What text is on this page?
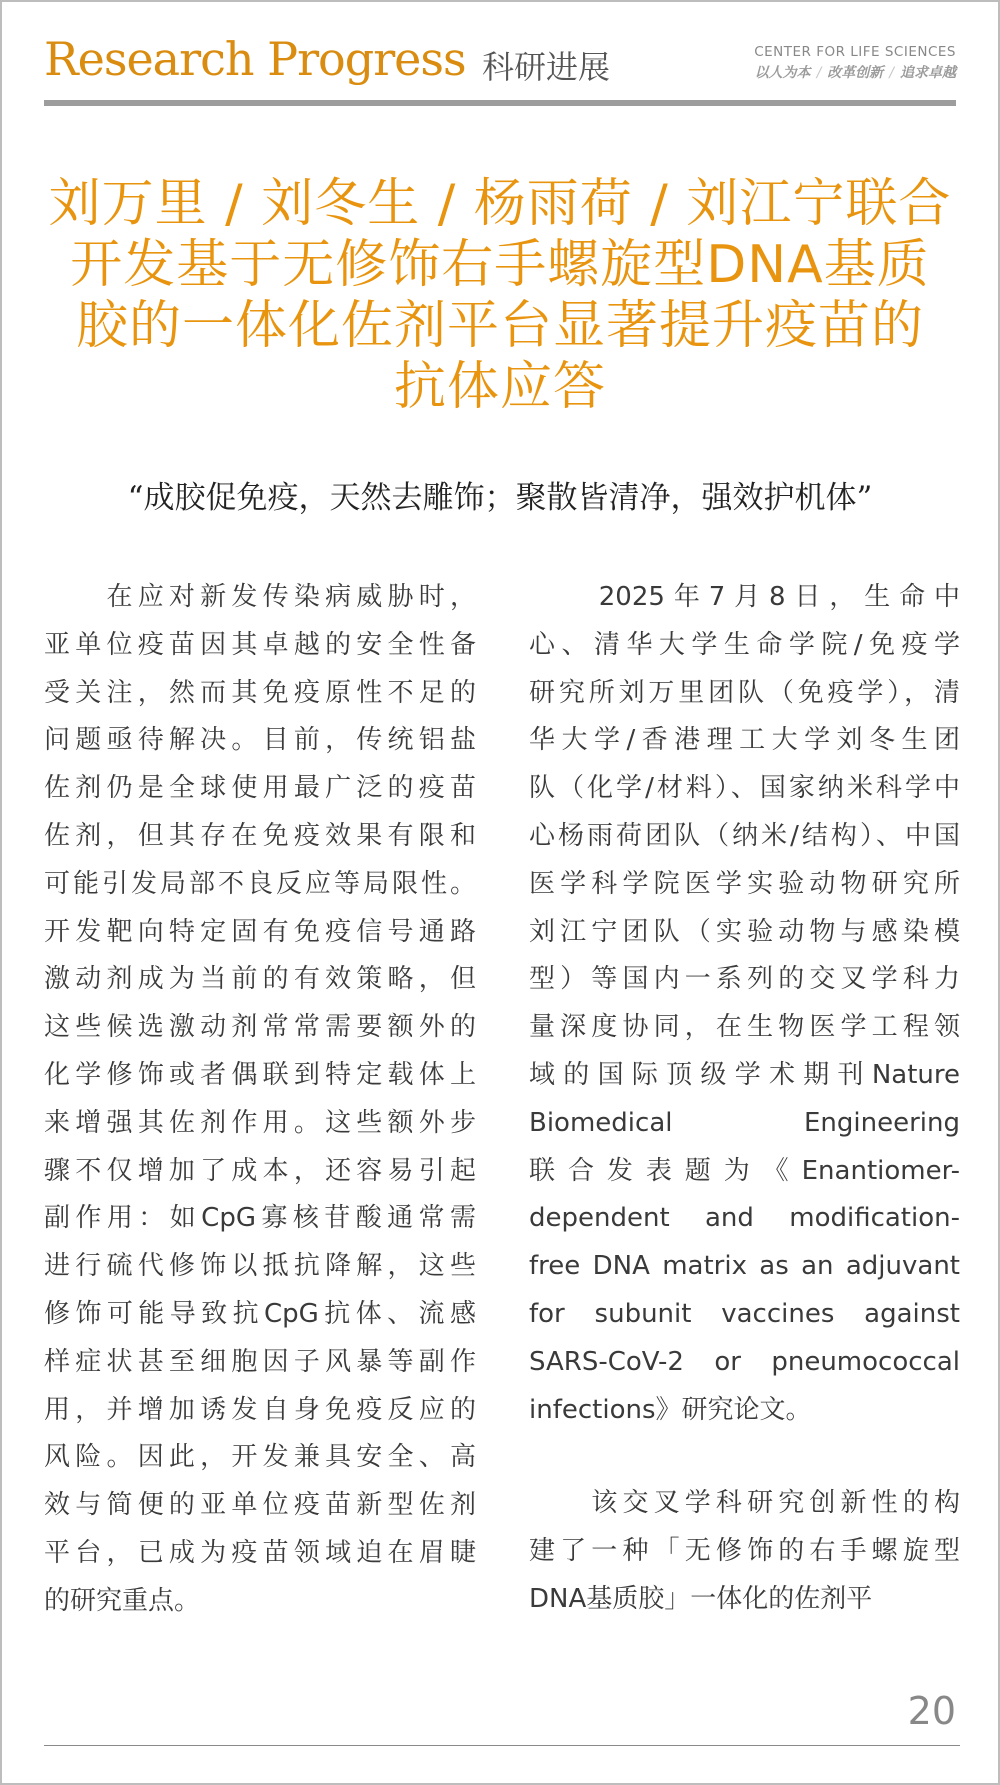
Research Progress 科研进展	CENTER FOR LIFE SCIENCES
以人为本 / 改革创新 / 追求卓越
刘万里 / 刘冬生 / 杨雨荷 / 刘江宁联合
开发基于无修饰右手螺旋型DNA基质
胶的一体化佐剂平台显著提升疫苗的
抗体应答
“成胶促免疫，天然去雕饰；聚散皆清净，强效护机体”
　　在应对新发传染病威胁时，
亚单位疫苗因其卓越的安全性备
受关注，然而其免疫原性不足的
问题亟待解决。目前，传统铝盐
佐剂仍是全球使用最广泛的疫苗
佐剂，但其存在免疫效果有限和
可能引发局部不良反应等局限性。
开发靶向特定固有免疫信号通路
激动剂成为当前的有效策略，但
这些候选激动剂常常需要额外的
化学修饰或者偶联到特定载体上
来增强其佐剂作用。这些额外步
骤不仅增加了成本，还容易引起
副作用：如CpG寡核苷酸通常需
进行硫代修饰以抵抗降解，这些
修饰可能导致抗CpG抗体、流感
样症状甚至细胞因子风暴等副作
用，并增加诱发自身免疫反应的
风险。因此，开发兼具安全、高
效与简便的亚单位疫苗新型佐剂
平台，已成为疫苗领域迫在眉睫
的研究重点。
　　2025年7月8日，生命中
心、清华大学生命学院/免疫学
研究所刘万里团队（免疫学），清
华大学/香港理工大学刘冬生团
队（化学/材料）、国家纳米科学中
心杨雨荷团队（纳米/结构）、中国
医学科学院医学实验动物研究所
刘江宁团队（实验动物与感染模
型）等国内一系列的交叉学科力
量深度协同，在生物医学工程领
域的国际顶级学术期刊Nature
Biomedical Engineering
联合发表题为《Enantiomer-
dependent and modification-
free DNA matrix as an adjuvant
for subunit vaccines against
SARS-CoV-2 or pneumococcal
infections》研究论文。
　　该交叉学科研究创新性的构
建了一种「无修饰的右手螺旋型
DNA基质胶」一体化的佐剂平
20
